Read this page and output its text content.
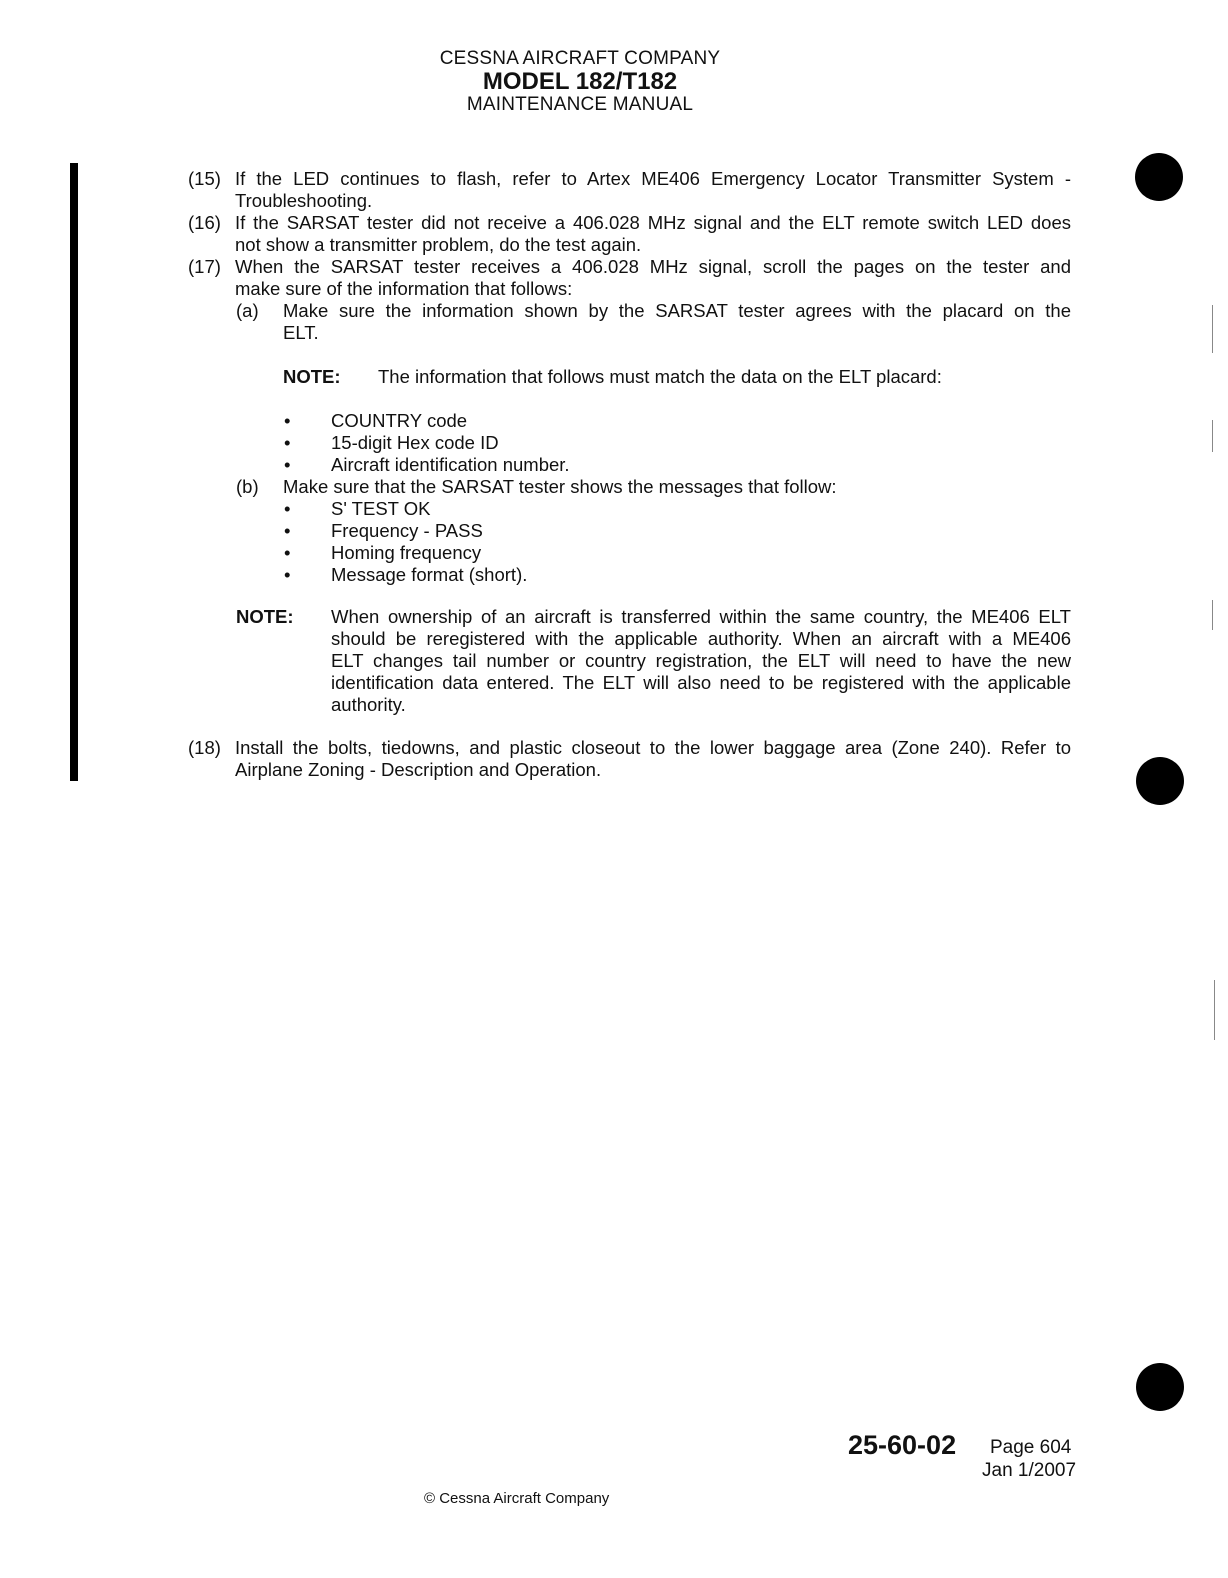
CESSNA AIRCRAFT COMPANY
MODEL 182/T182
MAINTENANCE MANUAL
(15) If the LED continues to flash, refer to Artex ME406 Emergency Locator Transmitter System -
Troubleshooting.
(16) If the SARSAT tester did not receive a 406.028 MHz signal and the ELT remote switch LED does
not show a transmitter problem, do the test again.
(17) When the SARSAT tester receives a 406.028 MHz signal, scroll the pages on the tester and
make sure of the information that follows:
(a) Make sure the information shown by the SARSAT tester agrees with the placard on the
ELT.
NOTE: The information that follows must match the data on the ELT placard:
• COUNTRY code
• 15-digit Hex code ID
• Aircraft identification number.
(b) Make sure that the SARSAT tester shows the messages that follow:
• S' TEST OK
• Frequency - PASS
• Homing frequency
• Message format (short).
NOTE: When ownership of an aircraft is transferred within the same country, the ME406 ELT
should be reregistered with the applicable authority. When an aircraft with a ME406
ELT changes tail number or country registration, the ELT will need to have the new
identification data entered. The ELT will also need to be registered with the applicable
authority.
(18) Install the bolts, tiedowns, and plastic closeout to the lower baggage area (Zone 240). Refer to
Airplane Zoning - Description and Operation.
25-60-02 Page 604
Jan 1/2007
© Cessna Aircraft Company
